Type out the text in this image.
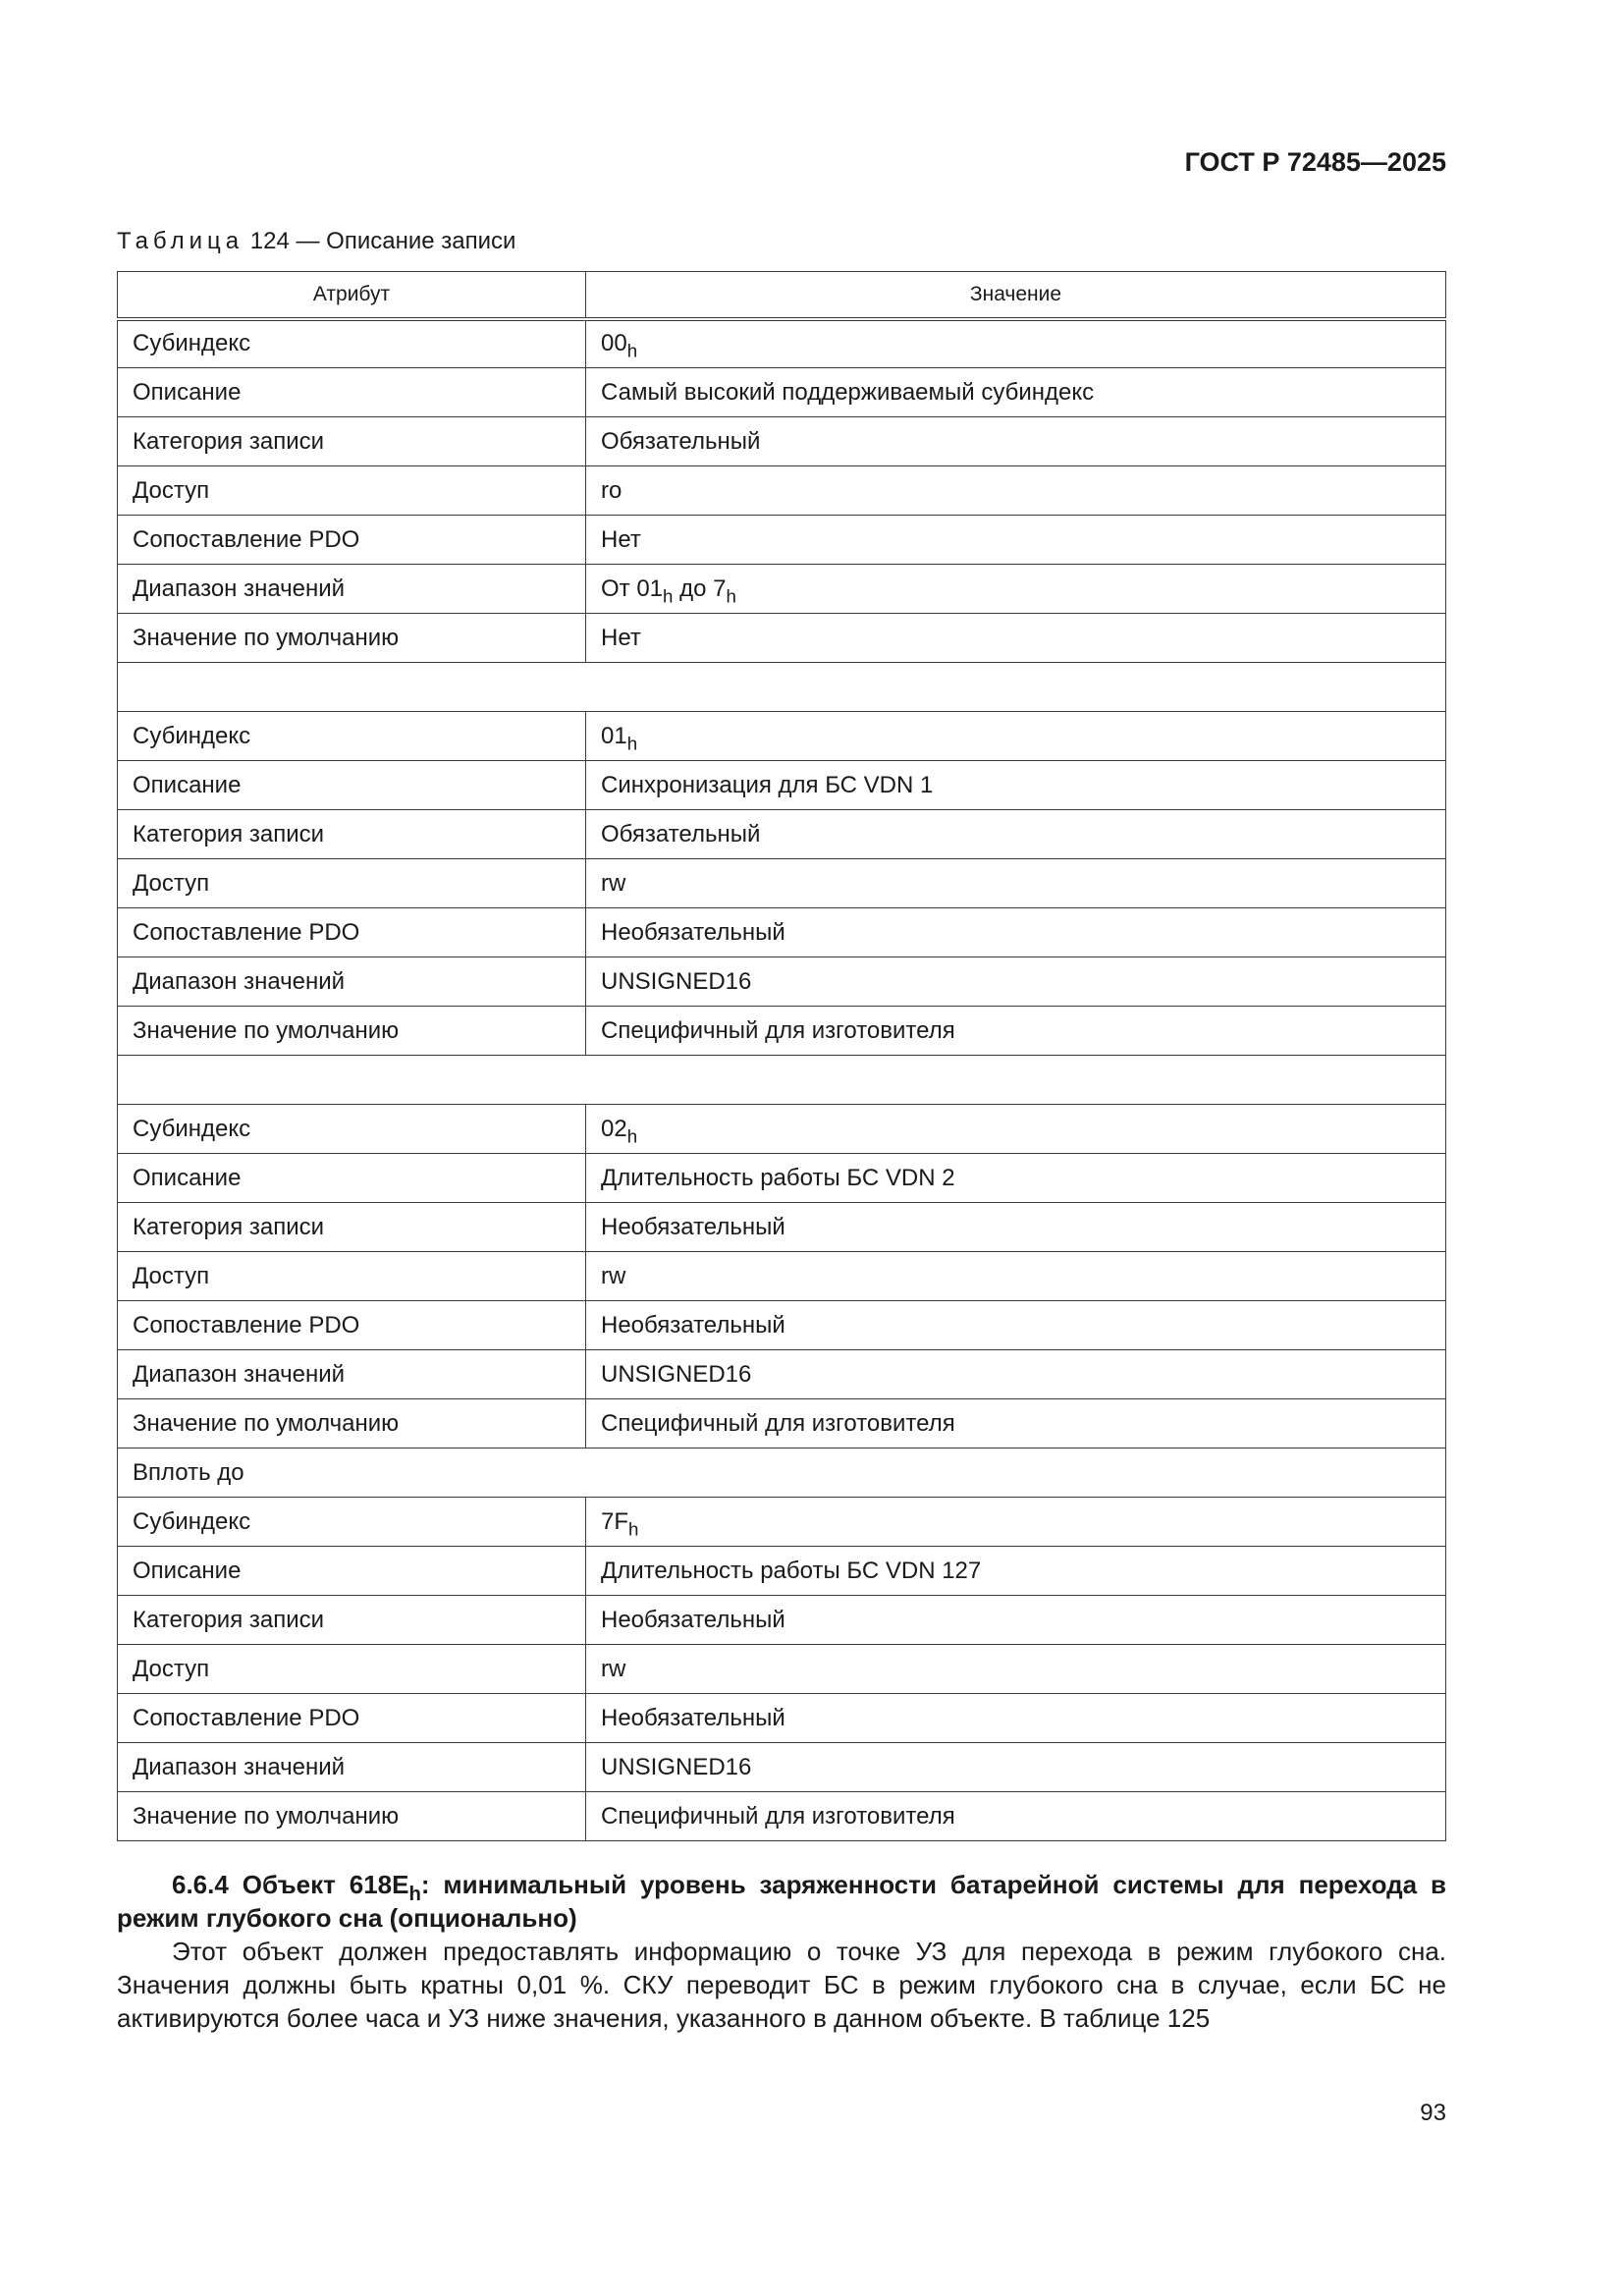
ГОСТ Р 72485—2025
Таблица 124 — Описание записи
Атрибут	Значение
Субиндекс	$00_h$
Описание	Самый высокий поддерживаемый субиндекс
Категория записи	Обязательный
Доступ	ro
Сопоставление PDO	Нет
Диапазон значений	От $01_h$ до $7_h$
Значение по умолчанию	Нет

Субиндекс	$01_h$
Описание	Синхронизация для БС VDN 1
Категория записи	Обязательный
Доступ	rw
Сопоставление PDO	Необязательный
Диапазон значений	UNSIGNED16
Значение по умолчанию	Специфичный для изготовителя

Субиндекс	$02_h$
Описание	Длительность работы БС VDN 2
Категория записи	Необязательный
Доступ	rw
Сопоставление PDO	Необязательный
Диапазон значений	UNSIGNED16
Значение по умолчанию	Специфичный для изготовителя
Вплоть до	
Субиндекс	$7F_h$
Описание	Длительность работы БС VDN 127
Категория записи	Необязательный
Доступ	rw
Сопоставление PDO	Необязательный
Диапазон значений	UNSIGNED16
Значение по умолчанию	Специфичный для изготовителя

6.6.4 Объект $618E_h$: минимальный уровень заряженности батарейной системы для перехода в режим глубокого сна (опционально)

Этот объект должен предоставлять информацию о точке УЗ для перехода в режим глубокого сна. Значения должны быть кратны 0,01 %. СКУ переводит БС в режим глубокого сна в случае, если БС не активируются более часа и УЗ ниже значения, указанного в данном объекте. В таблице 125

93
